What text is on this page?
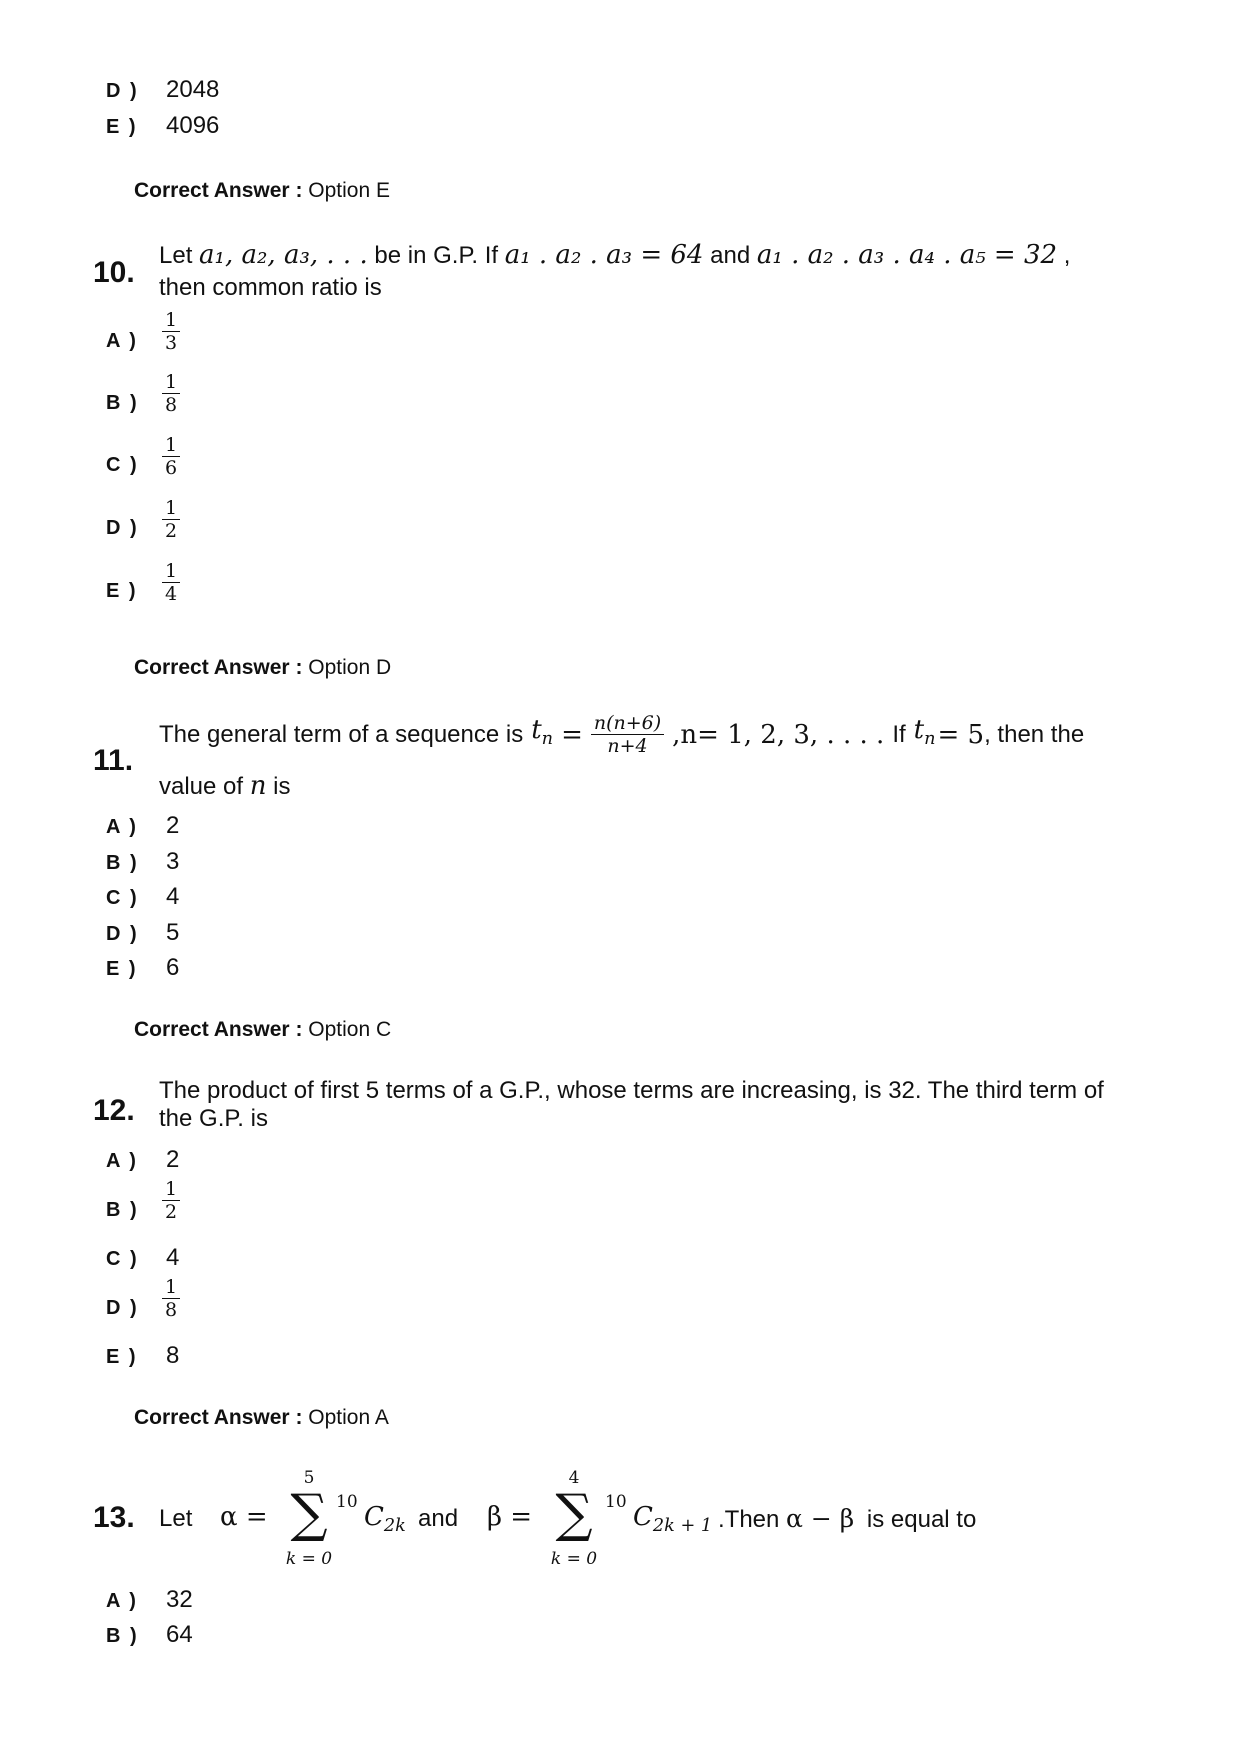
D ) 2048
E ) 4096
Correct Answer : Option E
10.
Let a₁, a₂, a₃, . . . be in G.P. If a₁ . a₂ . a₃ = 64 and a₁ . a₂ . a₃ . a₄ . a₅ = 32 ,
then common ratio is
A ) $\frac{1}{3}$
B ) $\frac{1}{8}$
C ) $\frac{1}{6}$
D ) $\frac{1}{2}$
E ) $\frac{1}{4}$
Correct Answer : Option D
11.
The general term of a sequence is $t_n = \frac{n(n+6)}{n+4} ,n= 1$, 2, 3, . . . . If $t_n = 5$ , then the
value of n is
A ) 2
B ) 3
C ) 4
D ) 5
E ) 6
Correct Answer : Option C
12.
The product of first 5 terms of a G.P., whose terms are increasing, is 32. The third term of
the G.P. is
A ) 2
B ) $\frac{1}{2}$
C ) 4
D ) $\frac{1}{8}$
E ) 8
Correct Answer : Option A
13. Let α =
5
∑
k = 0
10 $C_{2k}$ and β =
4
∑
k = 0
10 $C_{2k + 1}$ .Then α − β is equal to
A ) 32
B ) 64
